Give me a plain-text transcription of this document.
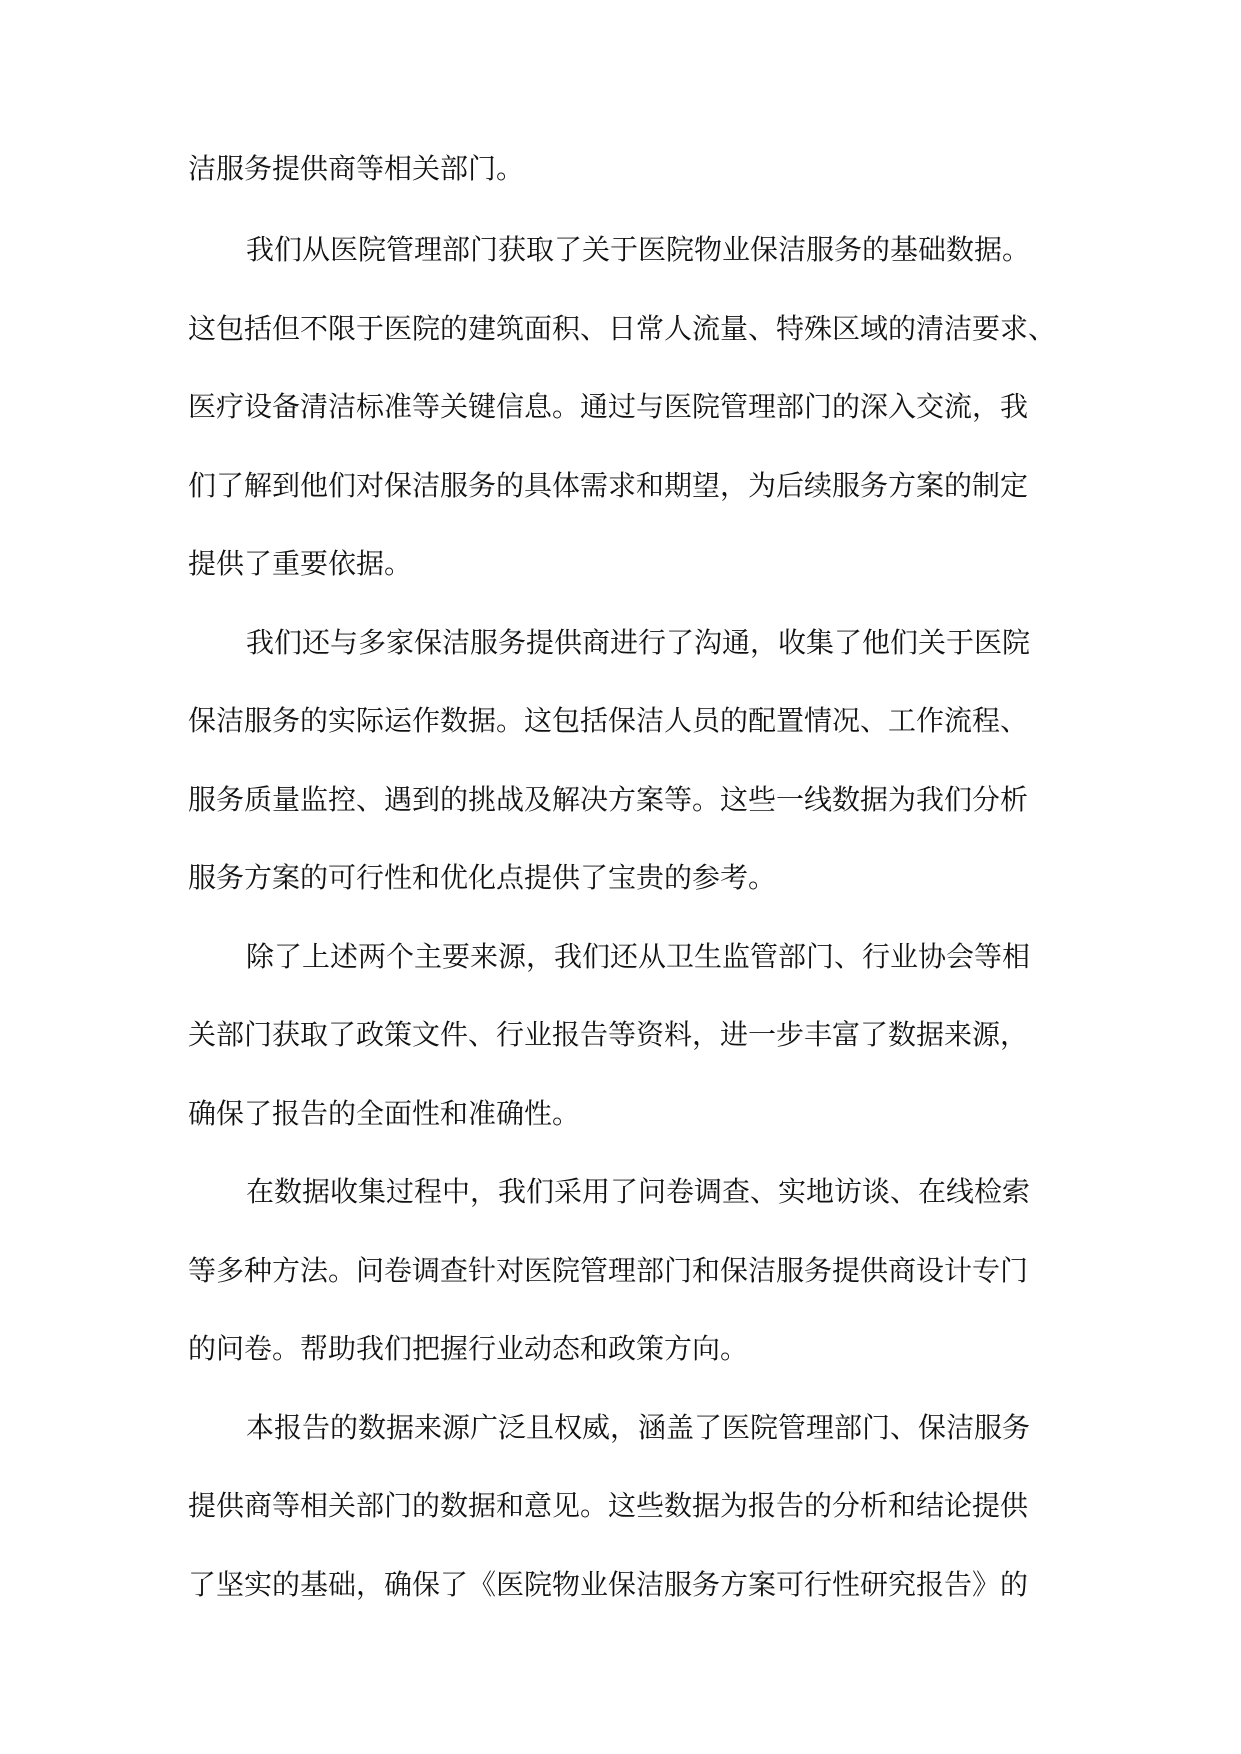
洁服务提供商等相关部门。

我们从医院管理部门获取了关于医院物业保洁服务的基础数据。

这包括但不限于医院的建筑面积、日常人流量、特殊区域的清洁要求、

医疗设备清洁标准等关键信息。通过与医院管理部门的深入交流，我

们了解到他们对保洁服务的具体需求和期望，为后续服务方案的制定

提供了重要依据。

我们还与多家保洁服务提供商进行了沟通，收集了他们关于医院

保洁服务的实际运作数据。这包括保洁人员的配置情况、工作流程、

服务质量监控、遇到的挑战及解决方案等。这些一线数据为我们分析

服务方案的可行性和优化点提供了宝贵的参考。

除了上述两个主要来源，我们还从卫生监管部门、行业协会等相

关部门获取了政策文件、行业报告等资料，进一步丰富了数据来源，

确保了报告的全面性和准确性。

在数据收集过程中，我们采用了问卷调查、实地访谈、在线检索

等多种方法。问卷调查针对医院管理部门和保洁服务提供商设计专门

的问卷。帮助我们把握行业动态和政策方向。

本报告的数据来源广泛且权威，涵盖了医院管理部门、保洁服务

提供商等相关部门的数据和意见。这些数据为报告的分析和结论提供

了坚实的基础，确保了《医院物业保洁服务方案可行性研究报告》的
